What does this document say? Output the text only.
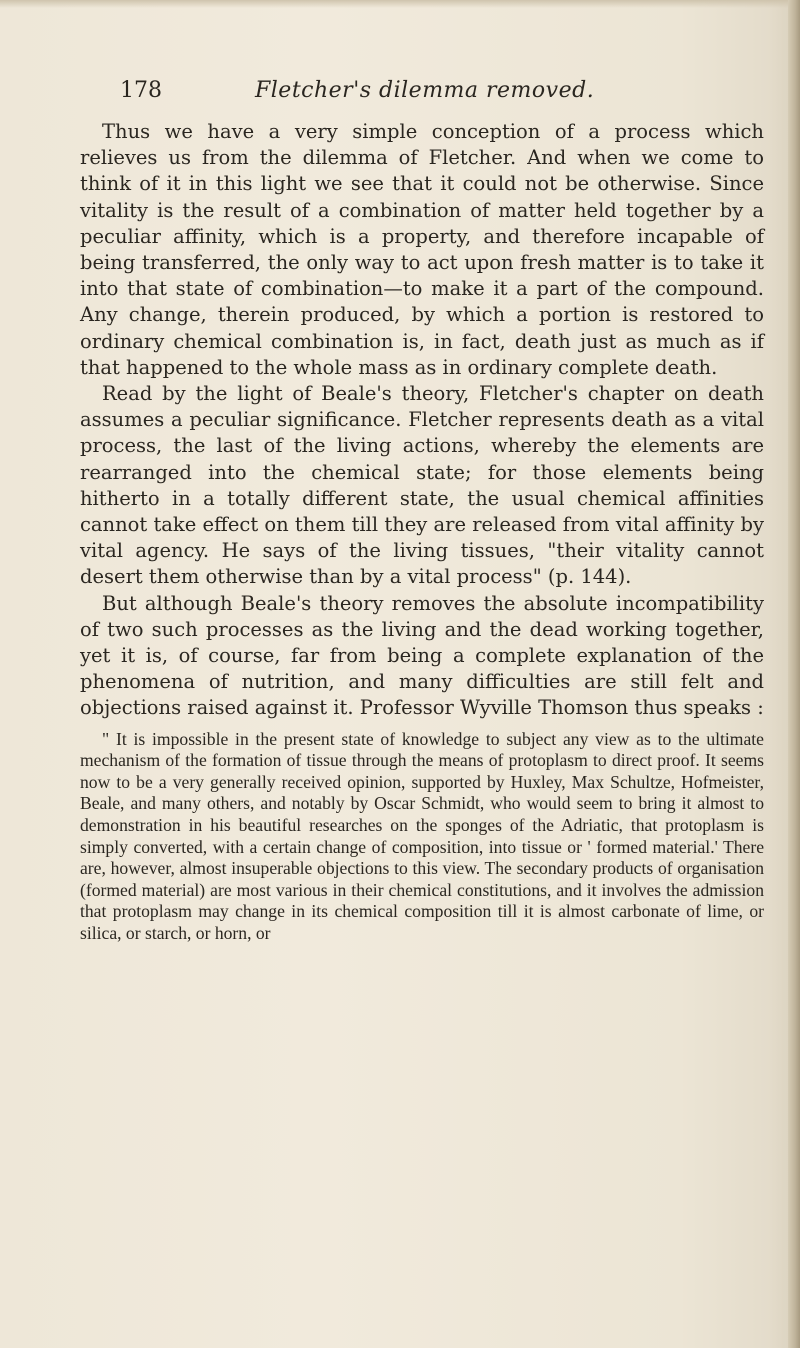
178	Fletcher's dilemma removed.

Thus we have a very simple conception of a process which relieves us from the dilemma of Fletcher. And when we come to think of it in this light we see that it could not be otherwise. Since vitality is the result of a combination of matter held together by a peculiar affinity, which is a property, and therefore incapable of being transferred, the only way to act upon fresh matter is to take it into that state of combination—to make it a part of the compound. Any change, therein produced, by which a portion is restored to ordinary chemical combination is, in fact, death just as much as if that happened to the whole mass as in ordinary complete death.

Read by the light of Beale's theory, Fletcher's chapter on death assumes a peculiar significance. Fletcher represents death as a vital process, the last of the living actions, whereby the elements are rearranged into the chemical state; for those elements being hitherto in a totally different state, the usual chemical affinities cannot take effect on them till they are released from vital affinity by vital agency. He says of the living tissues, "their vitality cannot desert them otherwise than by a vital process" (p. 144).

But although Beale's theory removes the absolute incompatibility of two such processes as the living and the dead working together, yet it is, of course, far from being a complete explanation of the phenomena of nutrition, and many difficulties are still felt and objections raised against it. Professor Wyville Thomson thus speaks :

" It is impossible in the present state of knowledge to subject any view as to the ultimate mechanism of the formation of tissue through the means of protoplasm to direct proof. It seems now to be a very generally received opinion, supported by Huxley, Max Schultze, Hofmeister, Beale, and many others, and notably by Oscar Schmidt, who would seem to bring it almost to demonstration in his beautiful researches on the sponges of the Adriatic, that protoplasm is simply converted, with a certain change of composition, into tissue or ' formed material.' There are, however, almost insuperable objections to this view. The secondary products of organisation (formed material) are most various in their chemical constitutions, and it involves the admission that protoplasm may change in its chemical composition till it is almost carbonate of lime, or silica, or starch, or horn, or
